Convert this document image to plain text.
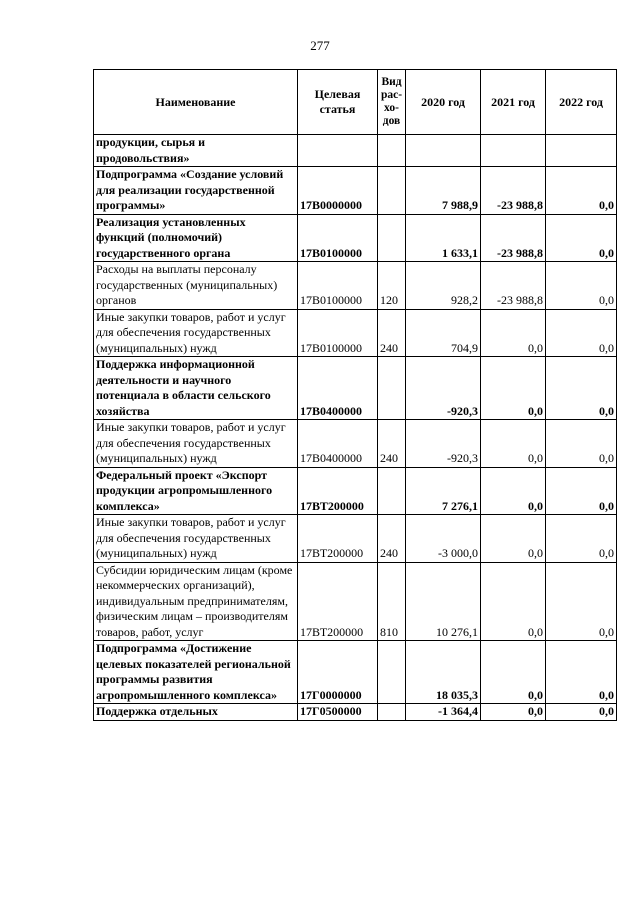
277
Наименование	Целевая статья	Вид рас-хо-дов	2020 год	2021 год	2022 год
продукции, сырья и продовольствия»					
Подпрограмма «Создание условий для реализации государственной программы»	17В0000000		7 988,9	-23 988,8	0,0
Реализация установленных функций (полномочий) государственного органа	17В0100000		1 633,1	-23 988,8	0,0
Расходы на выплаты персоналу государственных (муниципальных) органов	17В0100000	120	928,2	-23 988,8	0,0
Иные закупки товаров, работ и услуг для обеспечения государственных (муниципальных) нужд	17В0100000	240	704,9	0,0	0,0
Поддержка информационной деятельности и научного потенциала в области сельского хозяйства	17В0400000		-920,3	0,0	0,0
Иные закупки товаров, работ и услуг для обеспечения государственных (муниципальных) нужд	17В0400000	240	-920,3	0,0	0,0
Федеральный проект «Экспорт продукции агропромышленного комплекса»	17ВТ200000		7 276,1	0,0	0,0
Иные закупки товаров, работ и услуг для обеспечения государственных (муниципальных) нужд	17ВТ200000	240	-3 000,0	0,0	0,0
Субсидии юридическим лицам (кроме некоммерческих организаций), индивидуальным предпринимателям, физическим лицам – производителям товаров, работ, услуг	17ВТ200000	810	10 276,1	0,0	0,0
Подпрограмма «Достижение целевых показателей региональной программы развития агропромышленного комплекса»	17Г0000000		18 035,3	0,0	0,0
Поддержка отдельных	17Г0500000		-1 364,4	0,0	0,0
